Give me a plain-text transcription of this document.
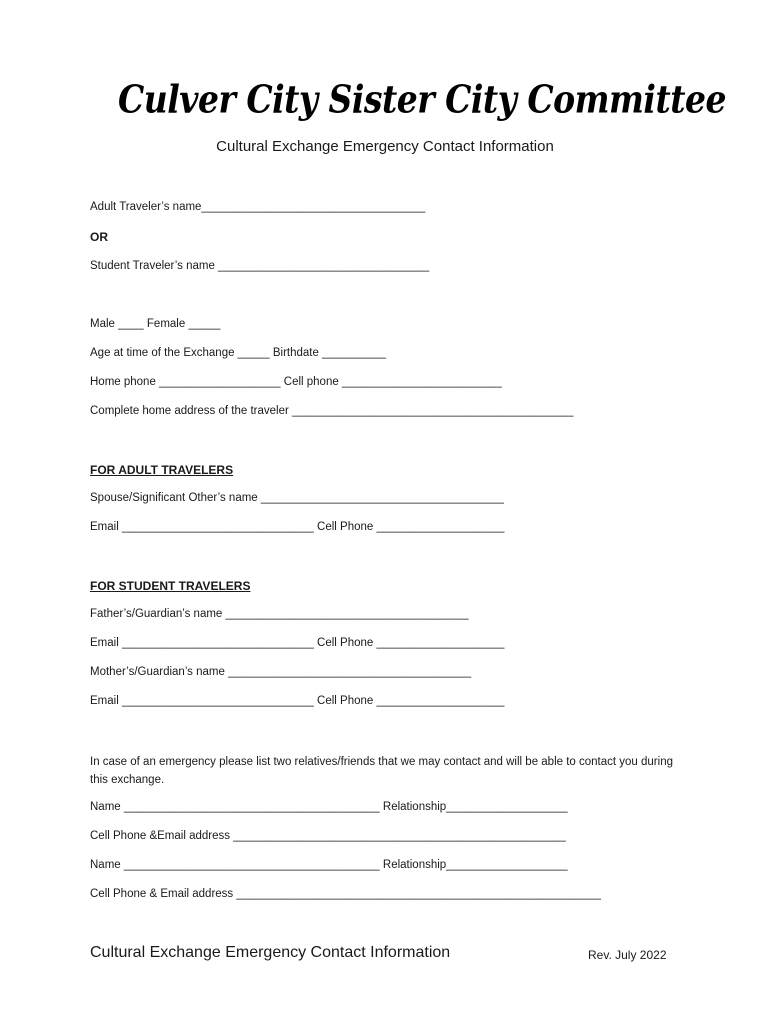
Culver City Sister City Committee
Cultural Exchange Emergency Contact Information
Adult Traveler’s name___________________________________
OR
Student Traveler’s name _________________________________
Male ____ Female _____
Age at time of the Exchange _____ Birthdate __________
Home phone ___________________ Cell phone _________________________
Complete home address of the traveler ____________________________________________
FOR ADULT TRAVELERS
Spouse/Significant Other’s name ______________________________________
Email ______________________________ Cell Phone ____________________
FOR STUDENT TRAVELERS
Father’s/Guardian’s name ______________________________________
Email ______________________________ Cell Phone ____________________
Mother’s/Guardian’s name ______________________________________
Email ______________________________ Cell Phone ____________________
In case of an emergency please list two relatives/friends that we may contact and will be able to contact you during this exchange.
Name ________________________________________ Relationship___________________
Cell Phone &Email address ____________________________________________________
Name ________________________________________ Relationship___________________
Cell Phone & Email address _________________________________________________________
Cultural Exchange Emergency Contact Information	Rev. July 2022
